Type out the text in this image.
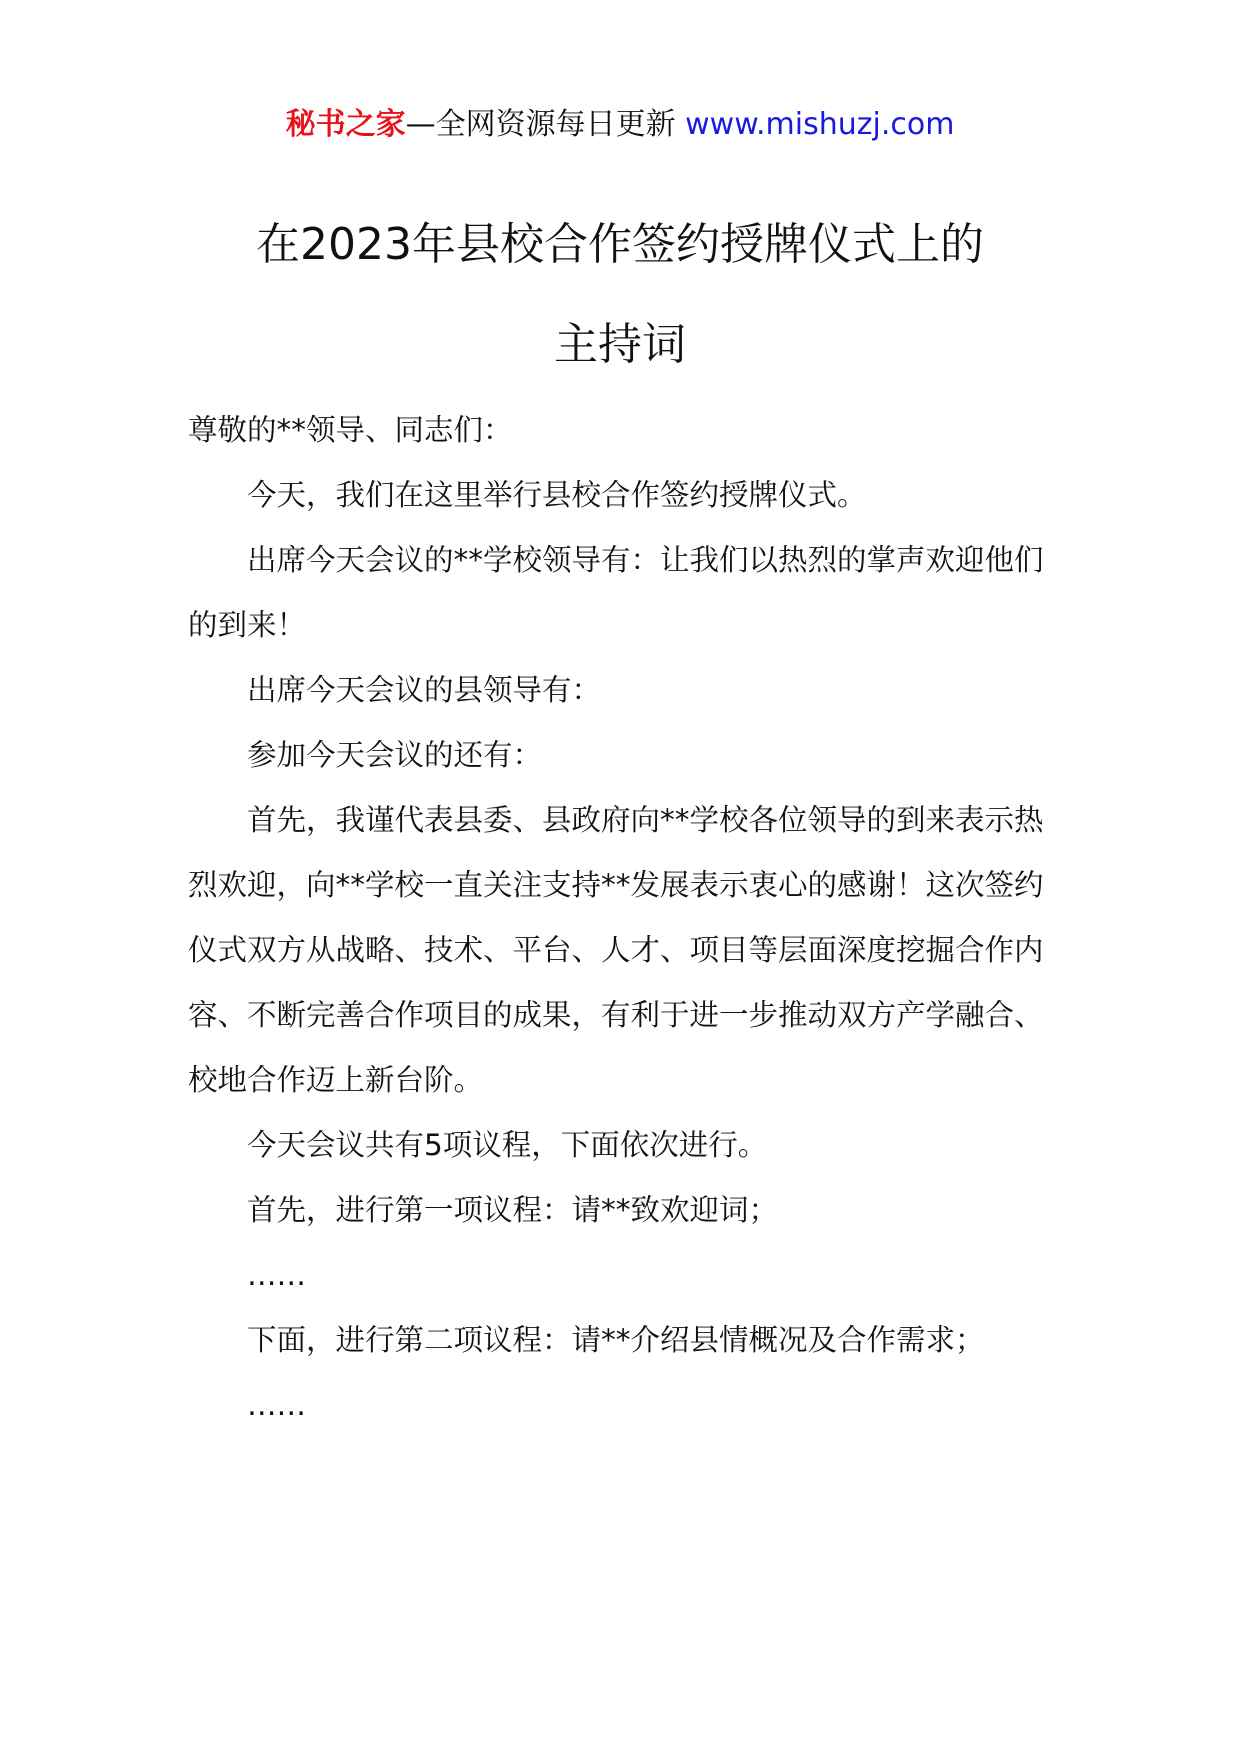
秘书之家—全网资源每日更新 www.mishuzj.com
在2023年县校合作签约授牌仪式上的
主持词

尊敬的**领导、同志们：

今天，我们在这里举行县校合作签约授牌仪式。

出席今天会议的**学校领导有：让我们以热烈的掌声欢迎他们的到来！

出席今天会议的县领导有：

参加今天会议的还有：

首先，我谨代表县委、县政府向**学校各位领导的到来表示热烈欢迎，向**学校一直关注支持**发展表示衷心的感谢！这次签约仪式双方从战略、技术、平台、人才、项目等层面深度挖掘合作内容、不断完善合作项目的成果，有利于进一步推动双方产学融合、校地合作迈上新台阶。

今天会议共有5项议程，下面依次进行。

首先，进行第一项议程：请**致欢迎词；

……

下面，进行第二项议程：请**介绍县情概况及合作需求；

……
